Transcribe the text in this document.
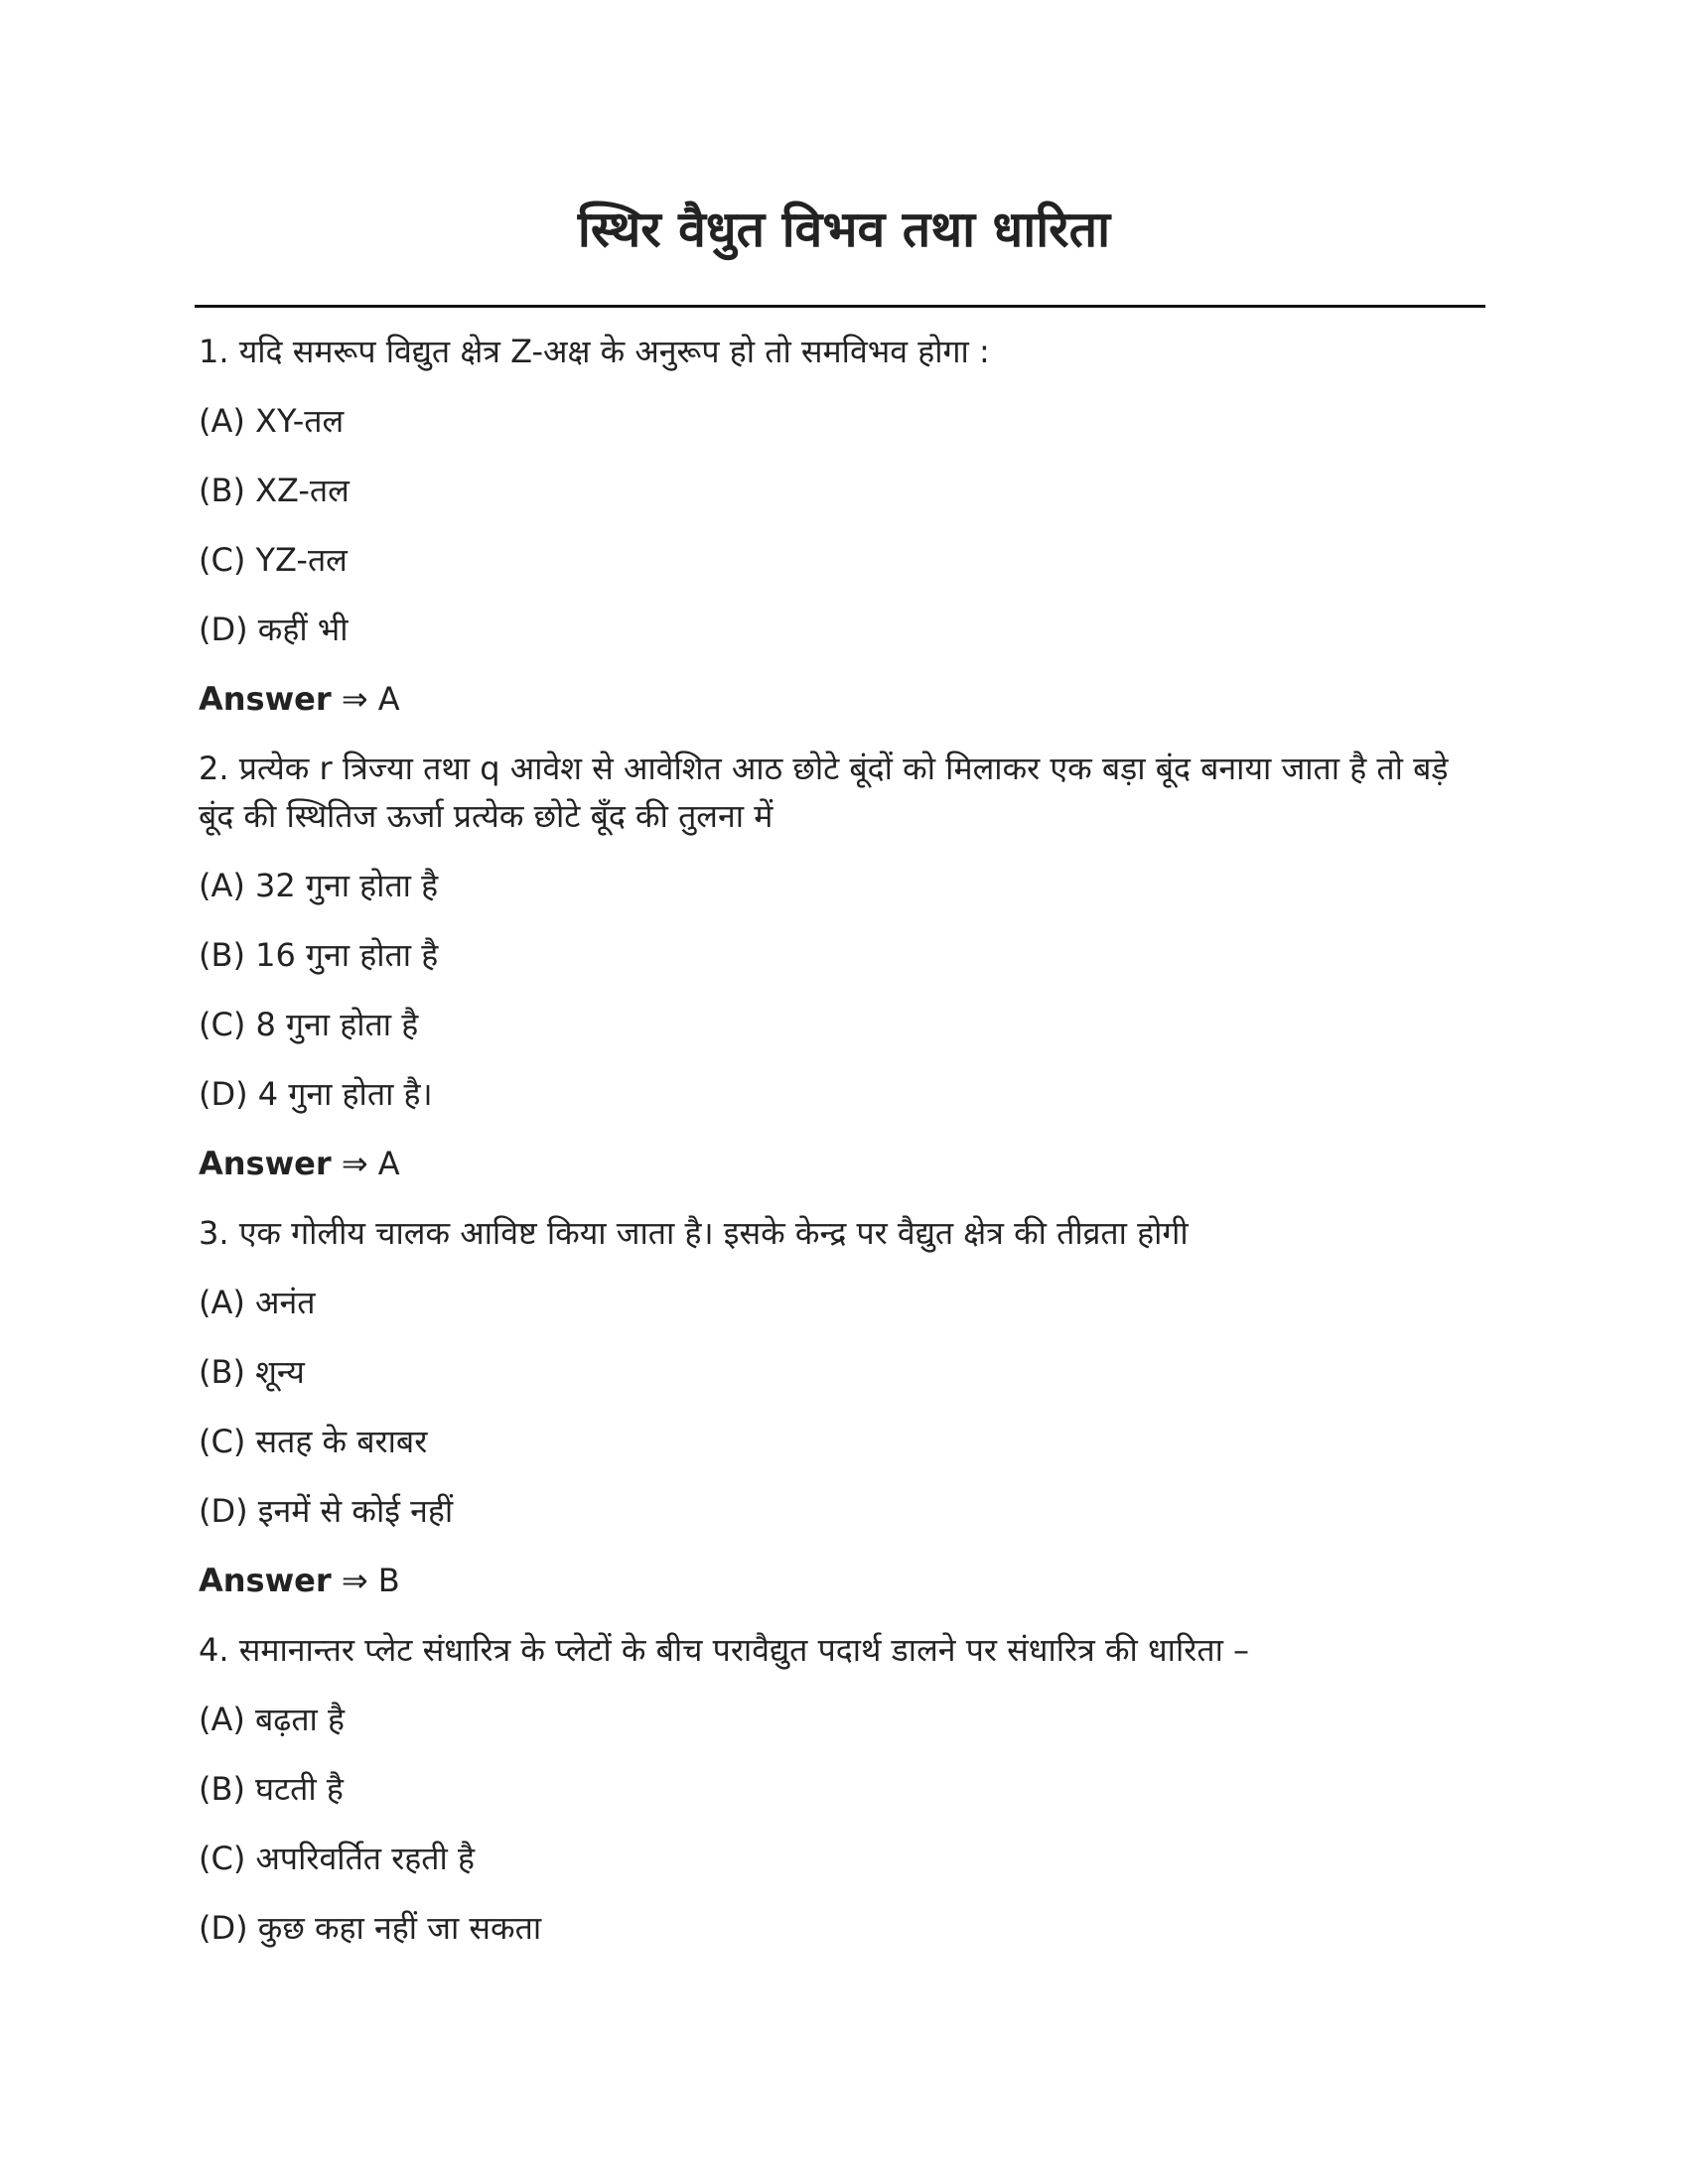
स्थिर वैधुत विभव तथा धारिता

1. यदि समरूप विद्युत क्षेत्र Z-अक्ष के अनुरूप हो तो समविभव होगा :

(A) XY-तल

(B) XZ-तल

(C) YZ-तल

(D) कहीं भी

Answer ⇒ A

2. प्रत्येक r त्रिज्या तथा q आवेश से आवेशित आठ छोटे बूंदों को मिलाकर एक बड़ा बूंद बनाया जाता है तो बड़े बूंद की स्थितिज ऊर्जा प्रत्येक छोटे बूँद की तुलना में

(A) 32 गुना होता है

(B) 16 गुना होता है

(C) 8 गुना होता है

(D) 4 गुना होता है।

Answer ⇒ A

3. एक गोलीय चालक आविष्ट किया जाता है। इसके केन्द्र पर वैद्युत क्षेत्र की तीव्रता होगी

(A) अनंत

(B) शून्य

(C) सतह के बराबर

(D) इनमें से कोई नहीं

Answer ⇒ B

4. समानान्तर प्लेट संधारित्र के प्लेटों के बीच परावैद्युत पदार्थ डालने पर संधारित्र की धारिता –

(A) बढ़ता है

(B) घटती है

(C) अपरिवर्तित रहती है

(D) कुछ कहा नहीं जा सकता
